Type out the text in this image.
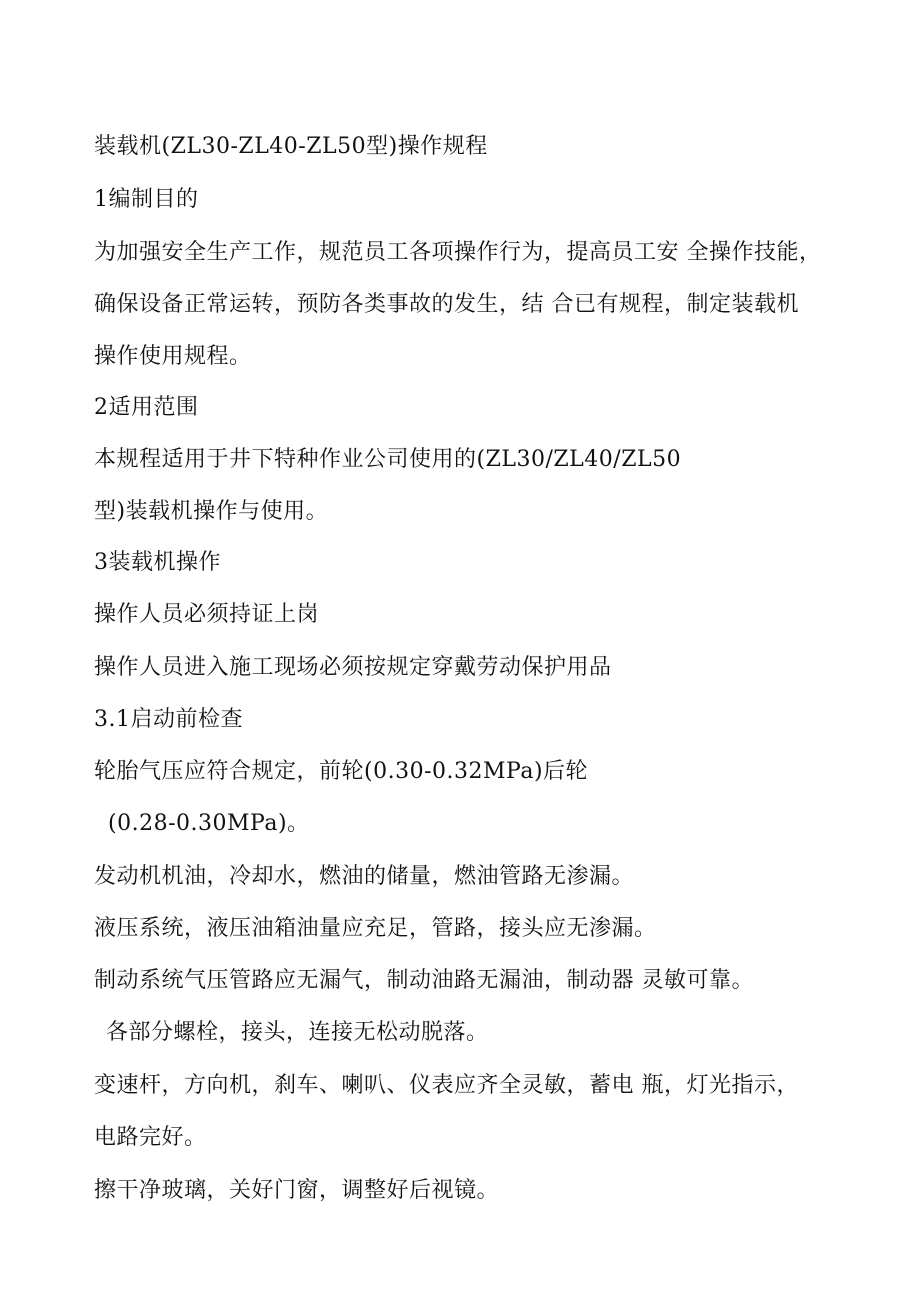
装载机(ZL30-ZL40-ZL50型)操作规程
1编制目的
为加强安全生产工作，规范员工各项操作行为，提高员工安 全操作技能，
确保设备正常运转，预防各类事故的发生，结 合已有规程，制定装载机
操作使用规程。
2适用范围
本规程适用于井下特种作业公司使用的(ZL30/ZL40/ZL50
型)装载机操作与使用。
3装载机操作
操作人员必须持证上岗
操作人员进入施工现场必须按规定穿戴劳动保护用品
3.1启动前检查
轮胎气压应符合规定，前轮(0.30-0.32MPa)后轮
(0.28-0.30MPa)。
发动机机油，冷却水，燃油的储量，燃油管路无渗漏。
液压系统，液压油箱油量应充足，管路，接头应无渗漏。
制动系统气压管路应无漏气，制动油路无漏油，制动器 灵敏可靠。
各部分螺栓，接头，连接无松动脱落。
变速杆，方向机，刹车、喇叭、仪表应齐全灵敏，蓄电 瓶，灯光指示，
电路完好。
擦干净玻璃，关好门窗，调整好后视镜。
